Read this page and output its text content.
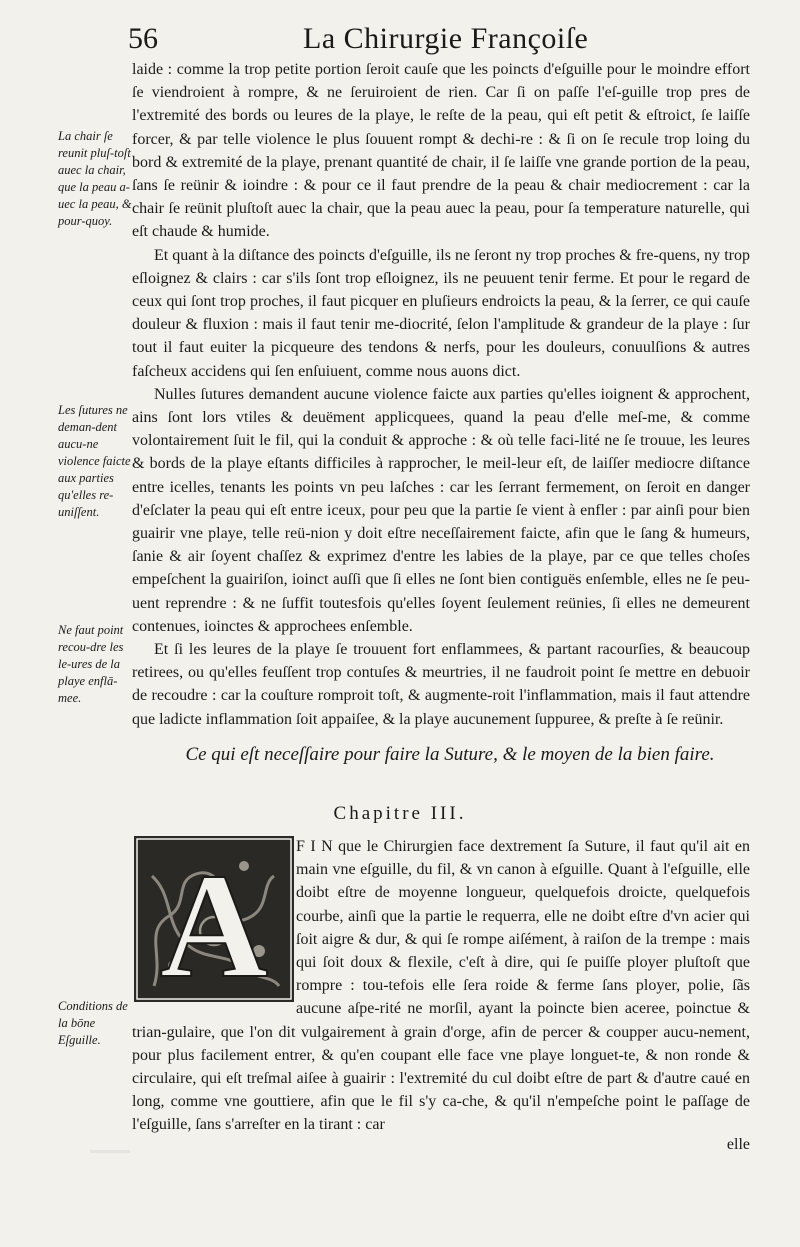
56	La Chirurgie Françoiſe
La chair ſe reunit pluſ-toſt auec la chair, que la peau a-uec la peau, & pour-quoy.
Les ſutures ne deman-dent aucu-ne violence faicte aux parties qu'elles re-uniſſent.
Ne faut point recou-dre les le-ures de la playe enflā-mee.
Conditions de la bōne Eſguille.

laide : comme la trop petite portion ſeroit cauſe que les poincts d'eſguille pour le moindre effort ſe viendroient à rompre, & ne ſeruiroient de rien. Car ſi on paſſe l'eſ-guille trop pres de l'extremité des bords ou leures de la playe, le reſte de la peau, qui eſt petit & eſtroict, ſe laiſſe forcer, & par telle violence le plus ſouuent rompt & dechi-re : & ſi on ſe recule trop loing du bord & extremité de la playe, prenant quantité de chair, il ſe laiſſe vne grande portion de la peau, ſans ſe reünir & ioindre : & pour ce il faut prendre de la peau & chair mediocrement : car la chair ſe reünit pluſtoſt auec la chair, que la peau auec la peau, pour ſa temperature naturelle, qui eſt chaude & humide.

Et quant à la diſtance des poincts d'eſguille, ils ne ſeront ny trop proches & fre-quens, ny trop eſloignez & clairs : car s'ils ſont trop eſloignez, ils ne peuuent tenir ferme. Et pour le regard de ceux qui ſont trop proches, il faut picquer en pluſieurs endroicts la peau, & la ſerrer, ce qui cauſe douleur & fluxion : mais il faut tenir me-diocrité, ſelon l'amplitude & grandeur de la playe : ſur tout il faut euiter la picqueure des tendons & nerfs, pour les douleurs, conuulſions & autres faſcheux accidens qui ſen enſuiuent, comme nous auons dict.

Nulles ſutures demandent aucune violence faicte aux parties qu'elles ioignent & approchent, ains ſont lors vtiles & deuëment applicquees, quand la peau d'elle meſ-me, & comme volontairement ſuit le fil, qui la conduit & approche : & où telle faci-lité ne ſe trouue, les leures & bords de la playe eſtants difficiles à rapprocher, le meil-leur eſt, de laiſſer mediocre diſtance entre icelles, tenants les points vn peu laſches : car les ſerrant fermement, on ſeroit en danger d'eſclater la peau qui eſt entre iceux, pour peu que la partie ſe vient à enfler : par ainſi pour bien guairir vne playe, telle reü-nion y doit eſtre neceſſairement faicte, afin que le ſang & humeurs, ſanie & air ſoyent chaſſez & exprimez d'entre les labies de la playe, par ce que telles choſes empeſchent la guairiſon, ioinct auſſi que ſi elles ne ſont bien contiguës enſemble, elles ne ſe peu-uent reprendre : & ne ſuffit toutesfois qu'elles ſoyent ſeulement reünies, ſi elles ne demeurent contenues, ioinctes & approchees enſemble.

Et ſi les leures de la playe ſe trouuent fort enflammees, & partant racourſies, & beaucoup retirees, ou qu'elles feuſſent trop contuſes & meurtries, il ne faudroit point ſe mettre en debuoir de recoudre : car la couſture romproit toſt, & augmente-roit l'inflammation, mais il faut attendre que ladicte inflammation ſoit appaiſee, & la playe aucunement ſuppuree, & preſte à ſe reünir.

Ce qui eſt neceſſaire pour faire la Suture, & le moyen de la bien faire.
Chapitre III.
A	F I N que le Chirurgien face dextrement ſa Suture, il faut qu'il ait en main vne eſguille, du fil, & vn canon à eſguille. Quant à l'eſguille, elle doibt eſtre de moyenne longueur, quelquefois droicte, quelquefois courbe, ainſi que la partie le requerra, elle ne doibt eſtre d'vn acier qui ſoit aigre & dur, & qui ſe rompe aiſément, à raiſon de la trempe : mais qui ſoit doux & flexile, c'eſt à dire, qui ſe puiſſe ployer pluſtoſt que rompre : tou-tefois elle ſera roide & ferme ſans ployer, polie, ſãs aucune aſpe-rité ne morſil, ayant la poincte bien aceree, poinctue & trian-gulaire, que l'on dit vulgairement à grain d'orge, afin de percer & coupper aucu-nement, pour plus facilement entrer, & qu'en coupant elle face vne playe longuet-te, & non ronde & circulaire, qui eſt treſmal aiſee à guairir : l'extremité du cul doibt eſtre de part & d'autre caué en long, comme vne gouttiere, afin que le fil s'y ca-che, & qu'il n'empeſche point le paſſage de l'eſguille, ſans s'arreſter en la tirant : car

elle
